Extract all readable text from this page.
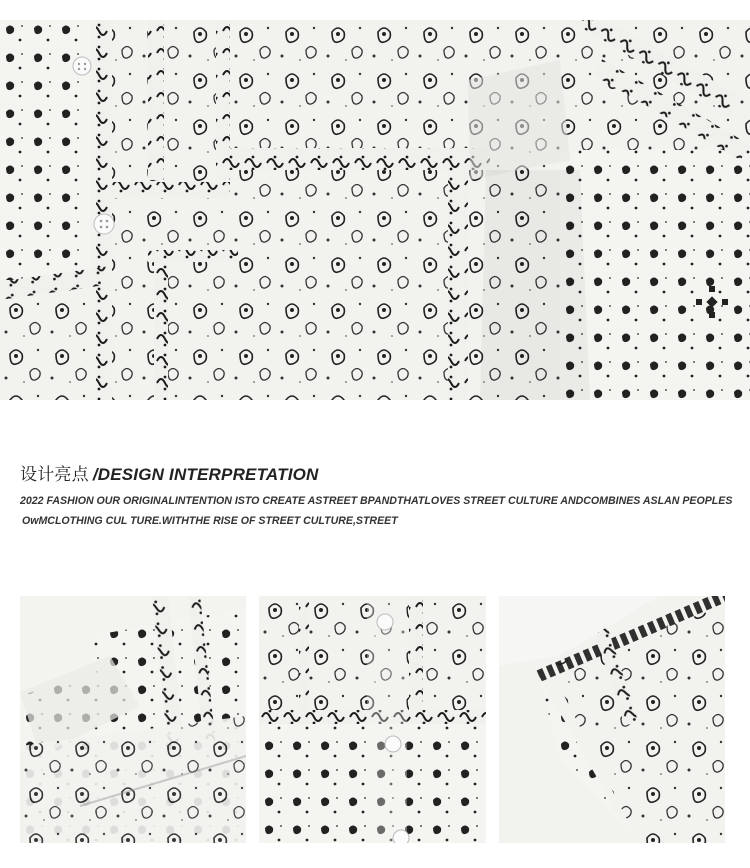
设计亮点 /DESIGN INTERPRETATION
2022 FASHION OUR ORIGINALINTENTION ISTO CREATE ASTREET BPANDTHATLOVES STREET CULTURE ANDCOMBINES ASLAN PEOPLES
OwMCLOTHING CUL TURE.WITHTHE RISE OF STREET CULTURE,STREET
